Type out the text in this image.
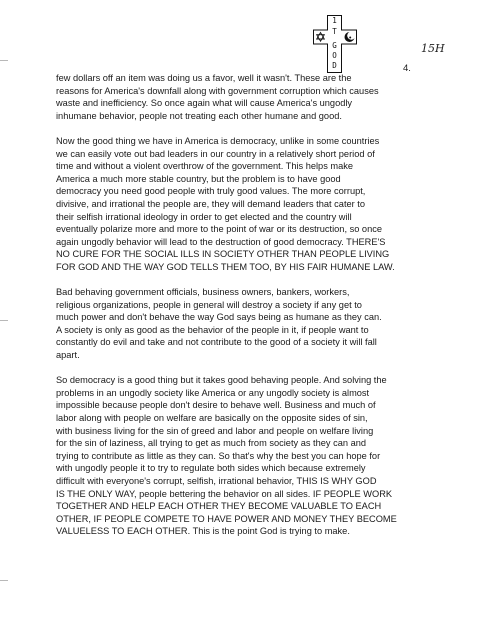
1
T
G
O
D
15H
4.
few dollars off an item was doing us a favor, well it wasn't. These are the
reasons for America's downfall along with government corruption which causes
waste and inefficiency. So once again what will cause America's ungodly
inhumane behavior, people not treating each other humane and good.
Now the good thing we have in America is democracy, unlike in some countries
we can easily vote out bad leaders in our country in a relatively short period of
time and without a violent overthrow of the government. This helps make
America a much more stable country, but the problem is to have good
democracy you need good people with truly good values. The more corrupt,
divisive, and irrational the people are, they will demand leaders that cater to
their selfish irrational ideology in order to get elected and the country will
eventually polarize more and more to the point of war or its destruction, so once
again ungodly behavior will lead to the destruction of good democracy. THERE'S
NO CURE FOR THE SOCIAL ILLS IN SOCIETY OTHER THAN PEOPLE LIVING
FOR GOD AND THE WAY GOD TELLS THEM TOO, BY HIS FAIR HUMANE LAW.
Bad behaving government officials, business owners, bankers, workers,
religious organizations, people in general will destroy a society if any get to
much power and don't behave the way God says being as humane as they can.
A society is only as good as the behavior of the people in it, if people want to
constantly do evil and take and not contribute to the good of a society it will fall
apart.
So democracy is a good thing but it takes good behaving people. And solving the
problems in an ungodly society like America or any ungodly society is almost
impossible because people don't desire to behave well. Business and much of
labor along with people on welfare are basically on the opposite sides of sin,
with business living for the sin of greed and labor and people on welfare living
for the sin of laziness, all trying to get as much from society as they can and
trying to contribute as little as they can. So that's why the best you can hope for
with ungodly people it to try to regulate both sides which because extremely
difficult with everyone's corrupt, selfish, irrational behavior, THIS IS WHY GOD
IS THE ONLY WAY, people bettering the behavior on all sides. IF PEOPLE WORK
TOGETHER AND HELP EACH OTHER THEY BECOME VALUABLE TO EACH
OTHER, IF PEOPLE COMPETE TO HAVE POWER AND MONEY THEY BECOME
VALUELESS TO EACH OTHER. This is the point God is trying to make.
